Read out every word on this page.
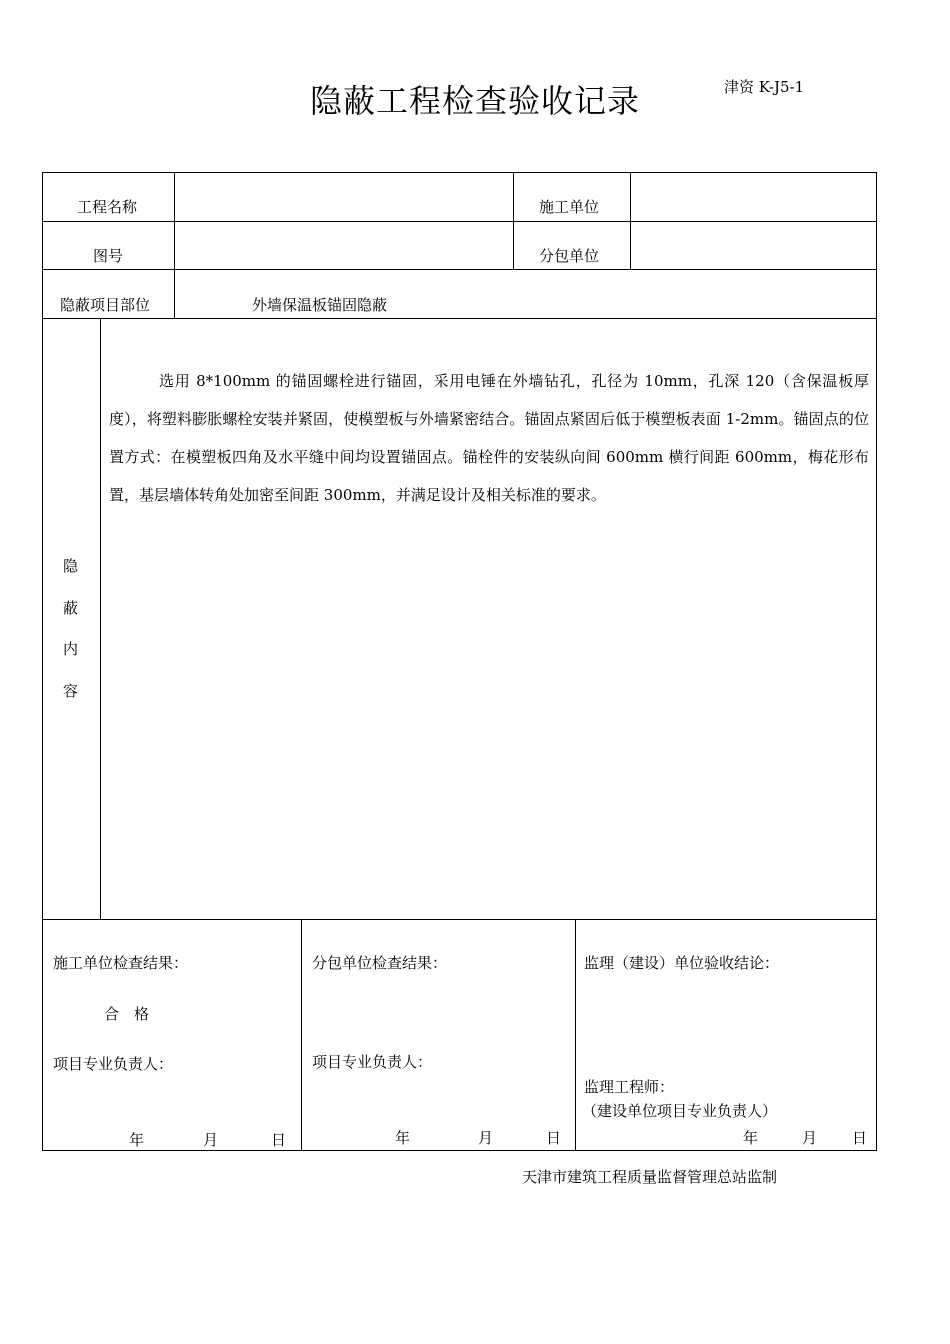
隐蔽工程检查验收记录	津资 K-J5-1
工程名称	施工单位
图号	分包单位
隐蔽项目部位	外墙保温板锚固隐蔽
隐
蔽
内
容
选用 8*100mm 的锚固螺栓进行锚固，采用电锤在外墙钻孔，孔径为 10mm，孔深 120（含保温板厚度），将塑料膨胀螺栓安装并紧固，使模塑板与外墙紧密结合。锚固点紧固后低于模塑板表面 1-2mm。锚固点的位置方式：在模塑板四角及水平缝中间均设置锚固点。锚栓件的安装纵向间 600mm 横行间距 600mm，梅花形布置，基层墙体转角处加密至间距 300mm，并满足设计及相关标准的要求。
施工单位检查结果：
合　格
项目专业负责人：
年	月	日
分包单位检查结果：
项目专业负责人：
年	月	日
监理（建设）单位验收结论：
监理工程师：
（建设单位项目专业负责人）
年	月 日
天津市建筑工程质量监督管理总站监制
